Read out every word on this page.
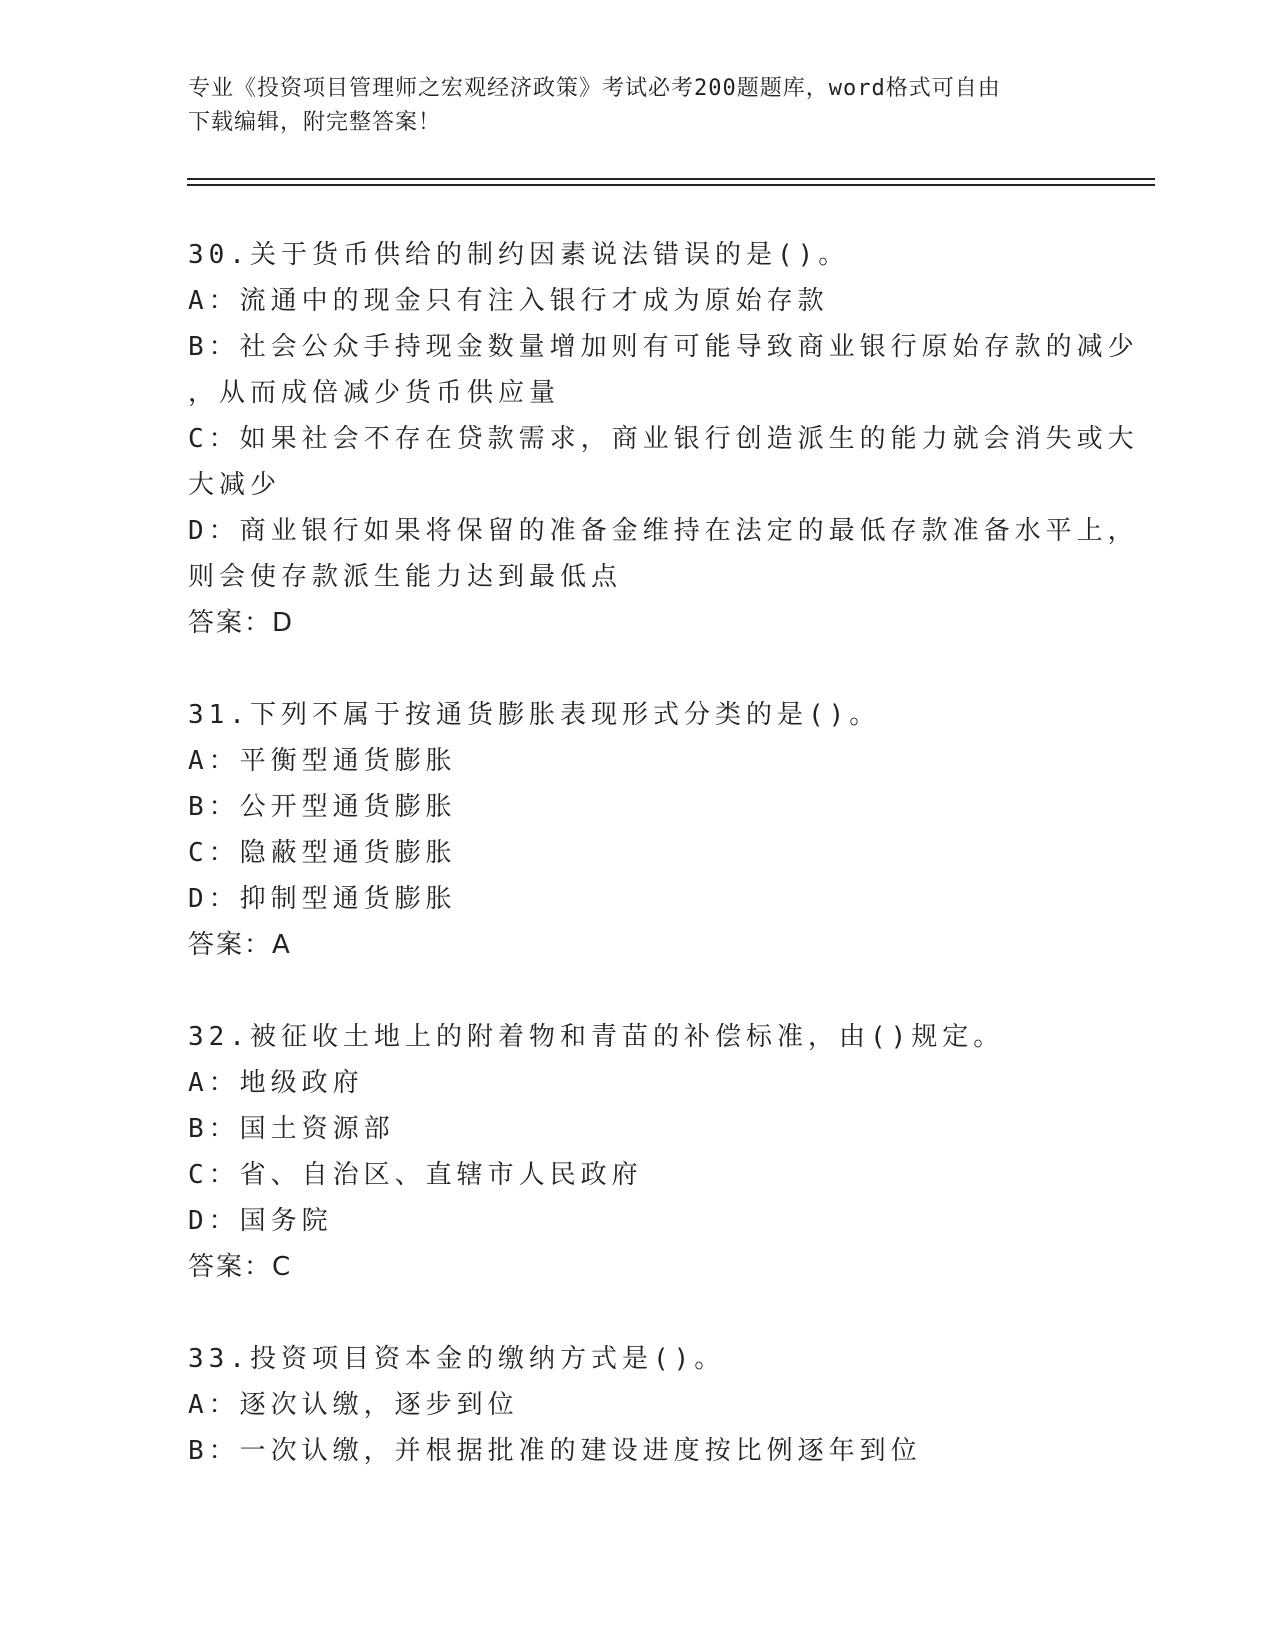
专业《投资项目管理师之宏观经济政策》考试必考200题题库，word格式可自由
下载编辑，附完整答案！
30.关于货币供给的制约因素说法错误的是()。
A：流通中的现金只有注入银行才成为原始存款
B：社会公众手持现金数量增加则有可能导致商业银行原始存款的减少
，从而成倍减少货币供应量
C：如果社会不存在贷款需求，商业银行创造派生的能力就会消失或大
大减少
D：商业银行如果将保留的准备金维持在法定的最低存款准备水平上，
则会使存款派生能力达到最低点
答案：D
31.下列不属于按通货膨胀表现形式分类的是()。
A：平衡型通货膨胀
B：公开型通货膨胀
C：隐蔽型通货膨胀
D：抑制型通货膨胀
答案：A
32.被征收土地上的附着物和青苗的补偿标准，由()规定。
A：地级政府
B：国土资源部
C：省、自治区、直辖市人民政府
D：国务院
答案：C
33.投资项目资本金的缴纳方式是()。
A：逐次认缴，逐步到位
B：一次认缴，并根据批准的建设进度按比例逐年到位
